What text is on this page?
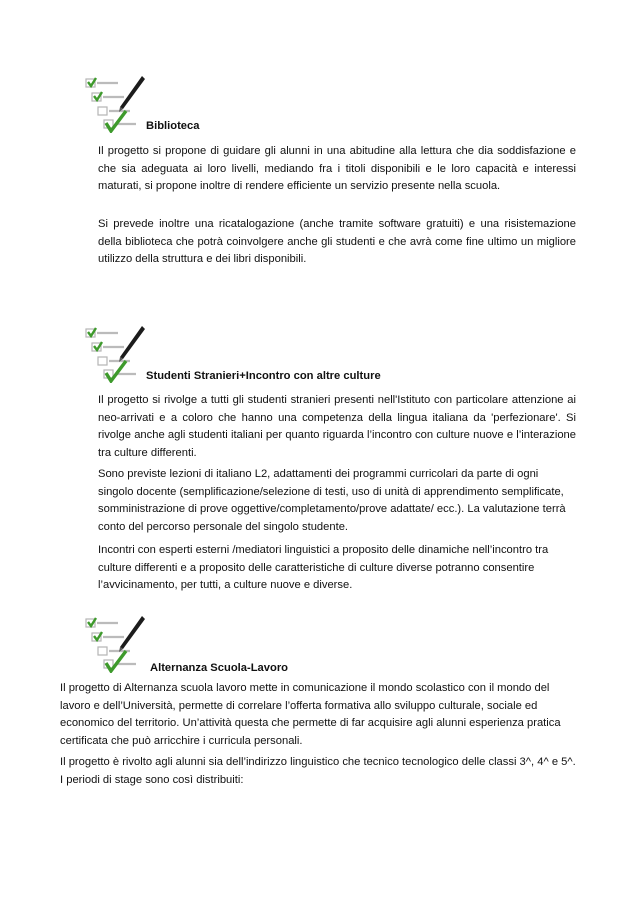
Biblioteca

Il progetto si propone di guidare gli alunni in una abitudine alla lettura che dia soddisfazione e che sia adeguata ai loro livelli, mediando fra i titoli disponibili e le loro capacità e interessi maturati, si propone inoltre di rendere efficiente un servizio presente nella scuola.

Si prevede inoltre una ricatalogazione (anche tramite software gratuiti) e una risistemazione della biblioteca che potrà coinvolgere anche gli studenti e che avrà come fine ultimo un migliore utilizzo della struttura e dei libri disponibili.

Studenti Stranieri+Incontro con altre culture

Il progetto si rivolge a tutti gli studenti stranieri presenti nell'Istituto con particolare attenzione ai neo-arrivati e a coloro che hanno una competenza della lingua italiana da 'perfezionare'. Si rivolge anche agli studenti italiani per quanto riguarda l’incontro con culture nuove e l’interazione tra culture differenti.

Sono previste lezioni di italiano L2, adattamenti dei programmi curricolari da parte di ogni singolo docente (semplificazione/selezione di testi, uso di unità di apprendimento semplificate, somministrazione di prove oggettive/completamento/prove adattate/ ecc.). La valutazione terrà conto del percorso personale del singolo studente.

Incontri con esperti esterni /mediatori linguistici a proposito delle dinamiche nell’incontro tra culture differenti e a proposito delle caratteristiche di culture diverse potranno consentire l’avvicinamento, per tutti, a culture nuove e diverse.

Alternanza Scuola-Lavoro

Il progetto di Alternanza scuola lavoro mette in comunicazione il mondo scolastico con il mondo del lavoro e dell’Università, permette di correlare l’offerta formativa allo sviluppo culturale, sociale ed economico del territorio. Un’attività questa che permette di far acquisire agli alunni esperienza pratica certificata che può arricchire i curricula personali.

Il progetto è rivolto agli alunni sia dell’indirizzo linguistico che tecnico tecnologico delle classi 3^, 4^ e 5^. I periodi di stage sono così distribuiti:
